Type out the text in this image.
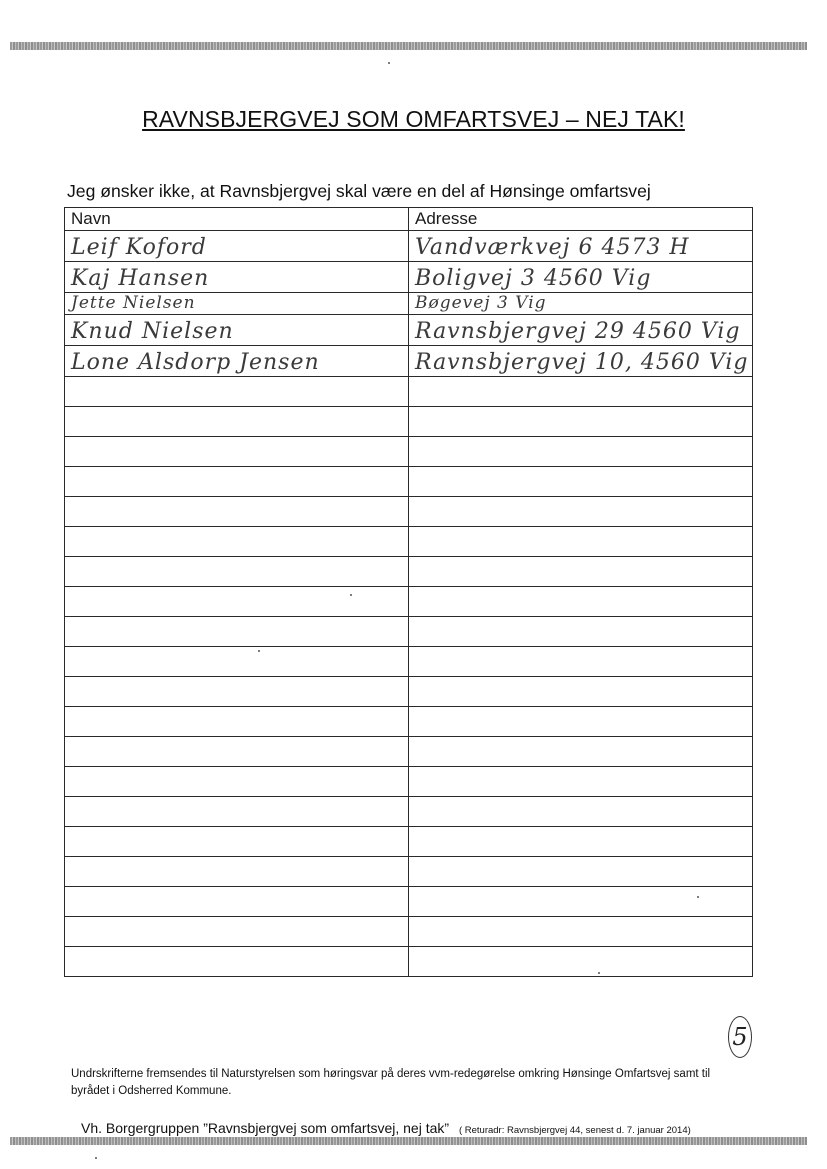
RAVNSBJERGVEJ SOM OMFARTSVEJ – NEJ TAK!
Jeg ønsker ikke, at Ravnsbjergvej skal være en del af Hønsinge omfartsvej
Navn	Adresse
Leif Koford	Vandværkvej 6 4573 H
Kaj Hansen	Boligvej 3 4560 Vig
Jette Nielsen	Bøgevej 3 Vig
Knud Nielsen	Ravnsbjergvej 29 4560 Vig
Lone Alsdorp Jensen	Ravnsbjergvej 10, 4560 Vig

5
Undrskrifterne fremsendes til Naturstyrelsen som høringsvar på deres vvm-redegørelse omkring Hønsinge Omfartsvej samt til byrådet i Odsherred Kommune.
Vh. Borgergruppen ”Ravnsbjergvej som omfartsvej, nej tak” ( Returadr: Ravnsbjergvej 44, senest d. 7. januar 2014)
